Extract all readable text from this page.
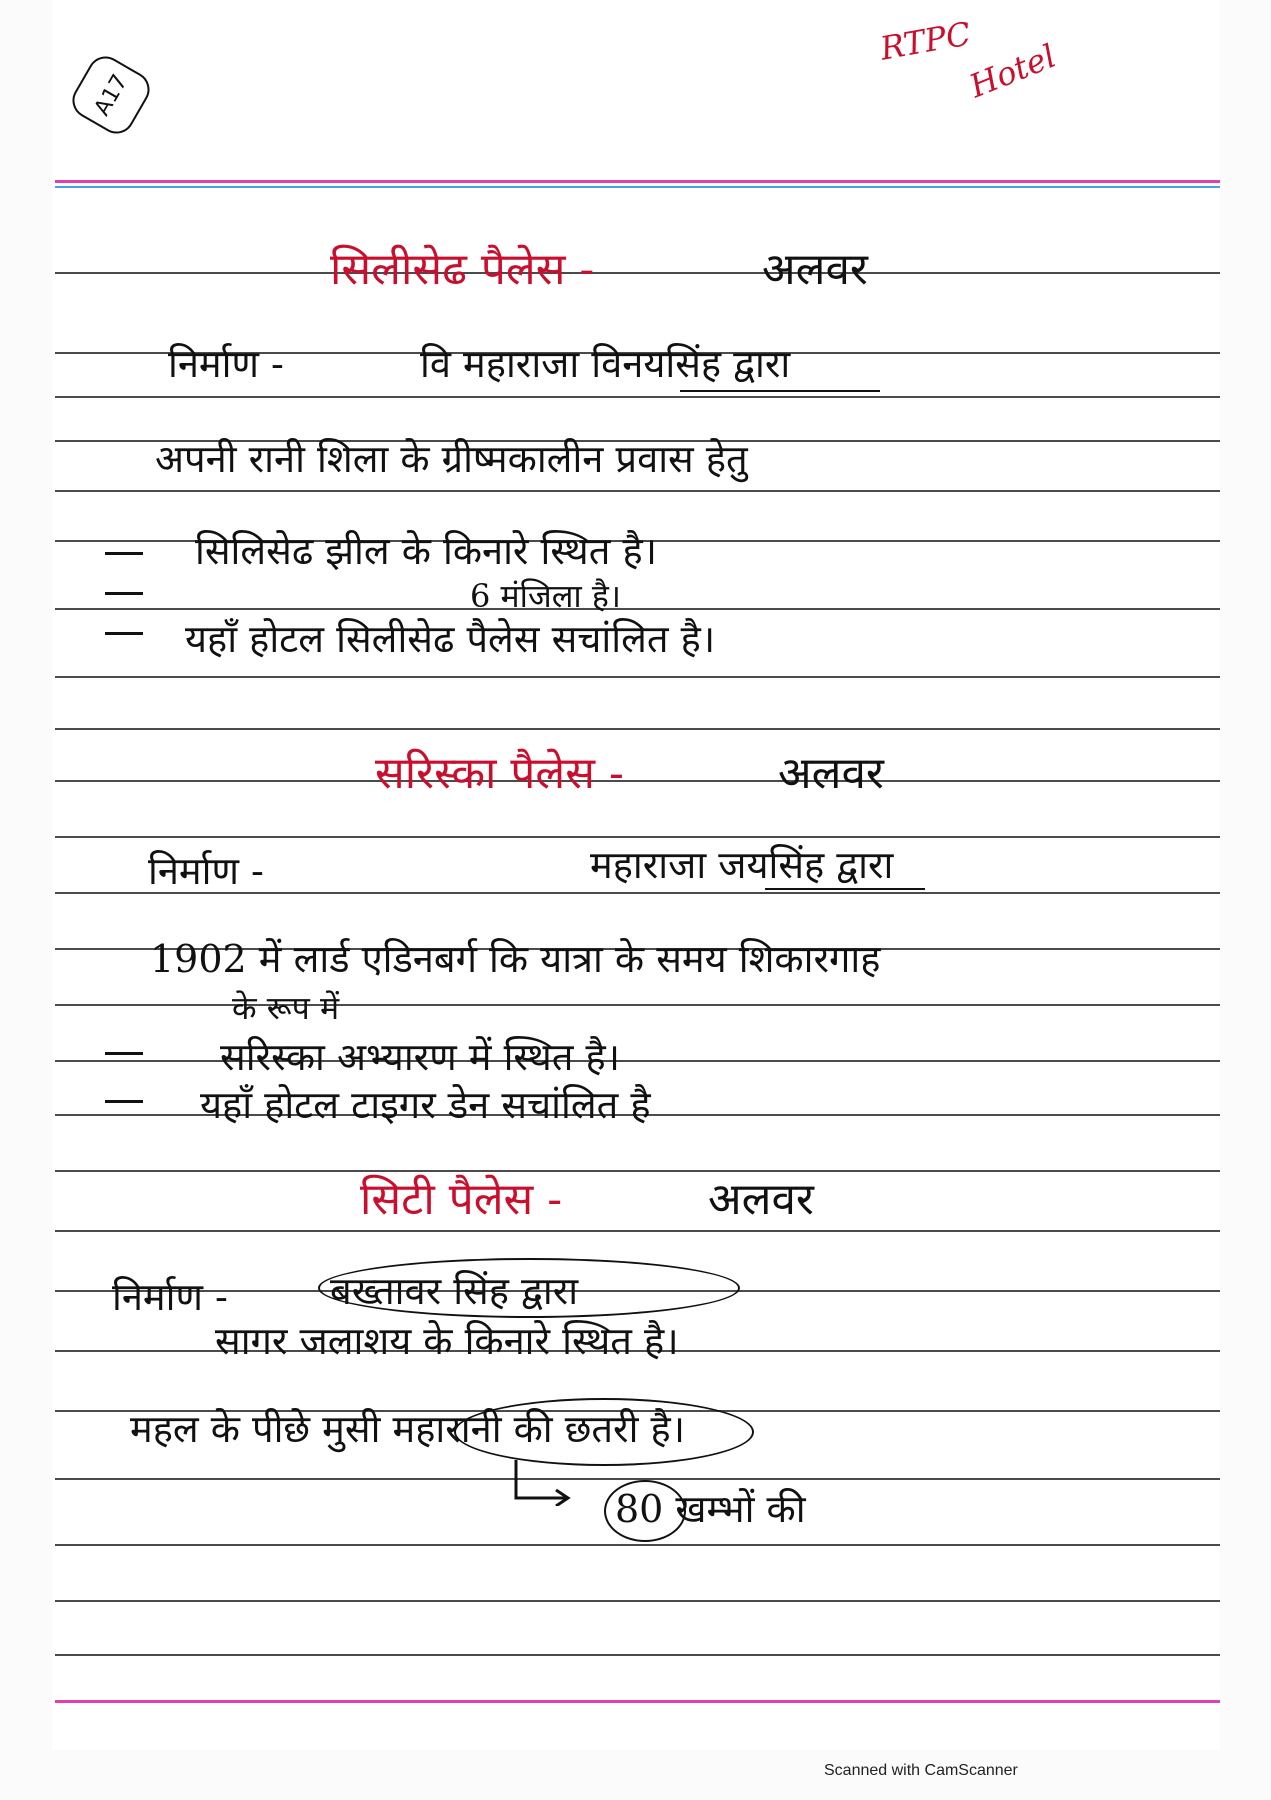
A17
RTPC
Hotel
सिलीसेढ पैलेस -	अलवर
निर्माण -	वि महाराजा विनयसिंह द्वारा
अपनी रानी शिला के ग्रीष्मकालीन प्रवास हेतु
सिलिसेढ झील के किनारे स्थित है।
6 मंजिला है।
यहाँ होटल सिलीसेढ पैलेस सचांलित है।
सरिस्का पैलेस -	अलवर
निर्माण -	महाराजा जयसिंह द्वारा
1902 में लार्ड एडिनबर्ग कि यात्रा के समय शिकारगाह
के रूप में
सरिस्का अभ्यारण में स्थित है।
यहाँ होटल टाइगर डेन सचांलित है
सिटी पैलेस -	अलवर
निर्माण -	बख्तावर सिंह द्वारा
सागर जलाशय के किनारे स्थित है।
महल के पीछे मुसी महारानी की छतरी है।
80 खम्भों की
Scanned with CamScanner
